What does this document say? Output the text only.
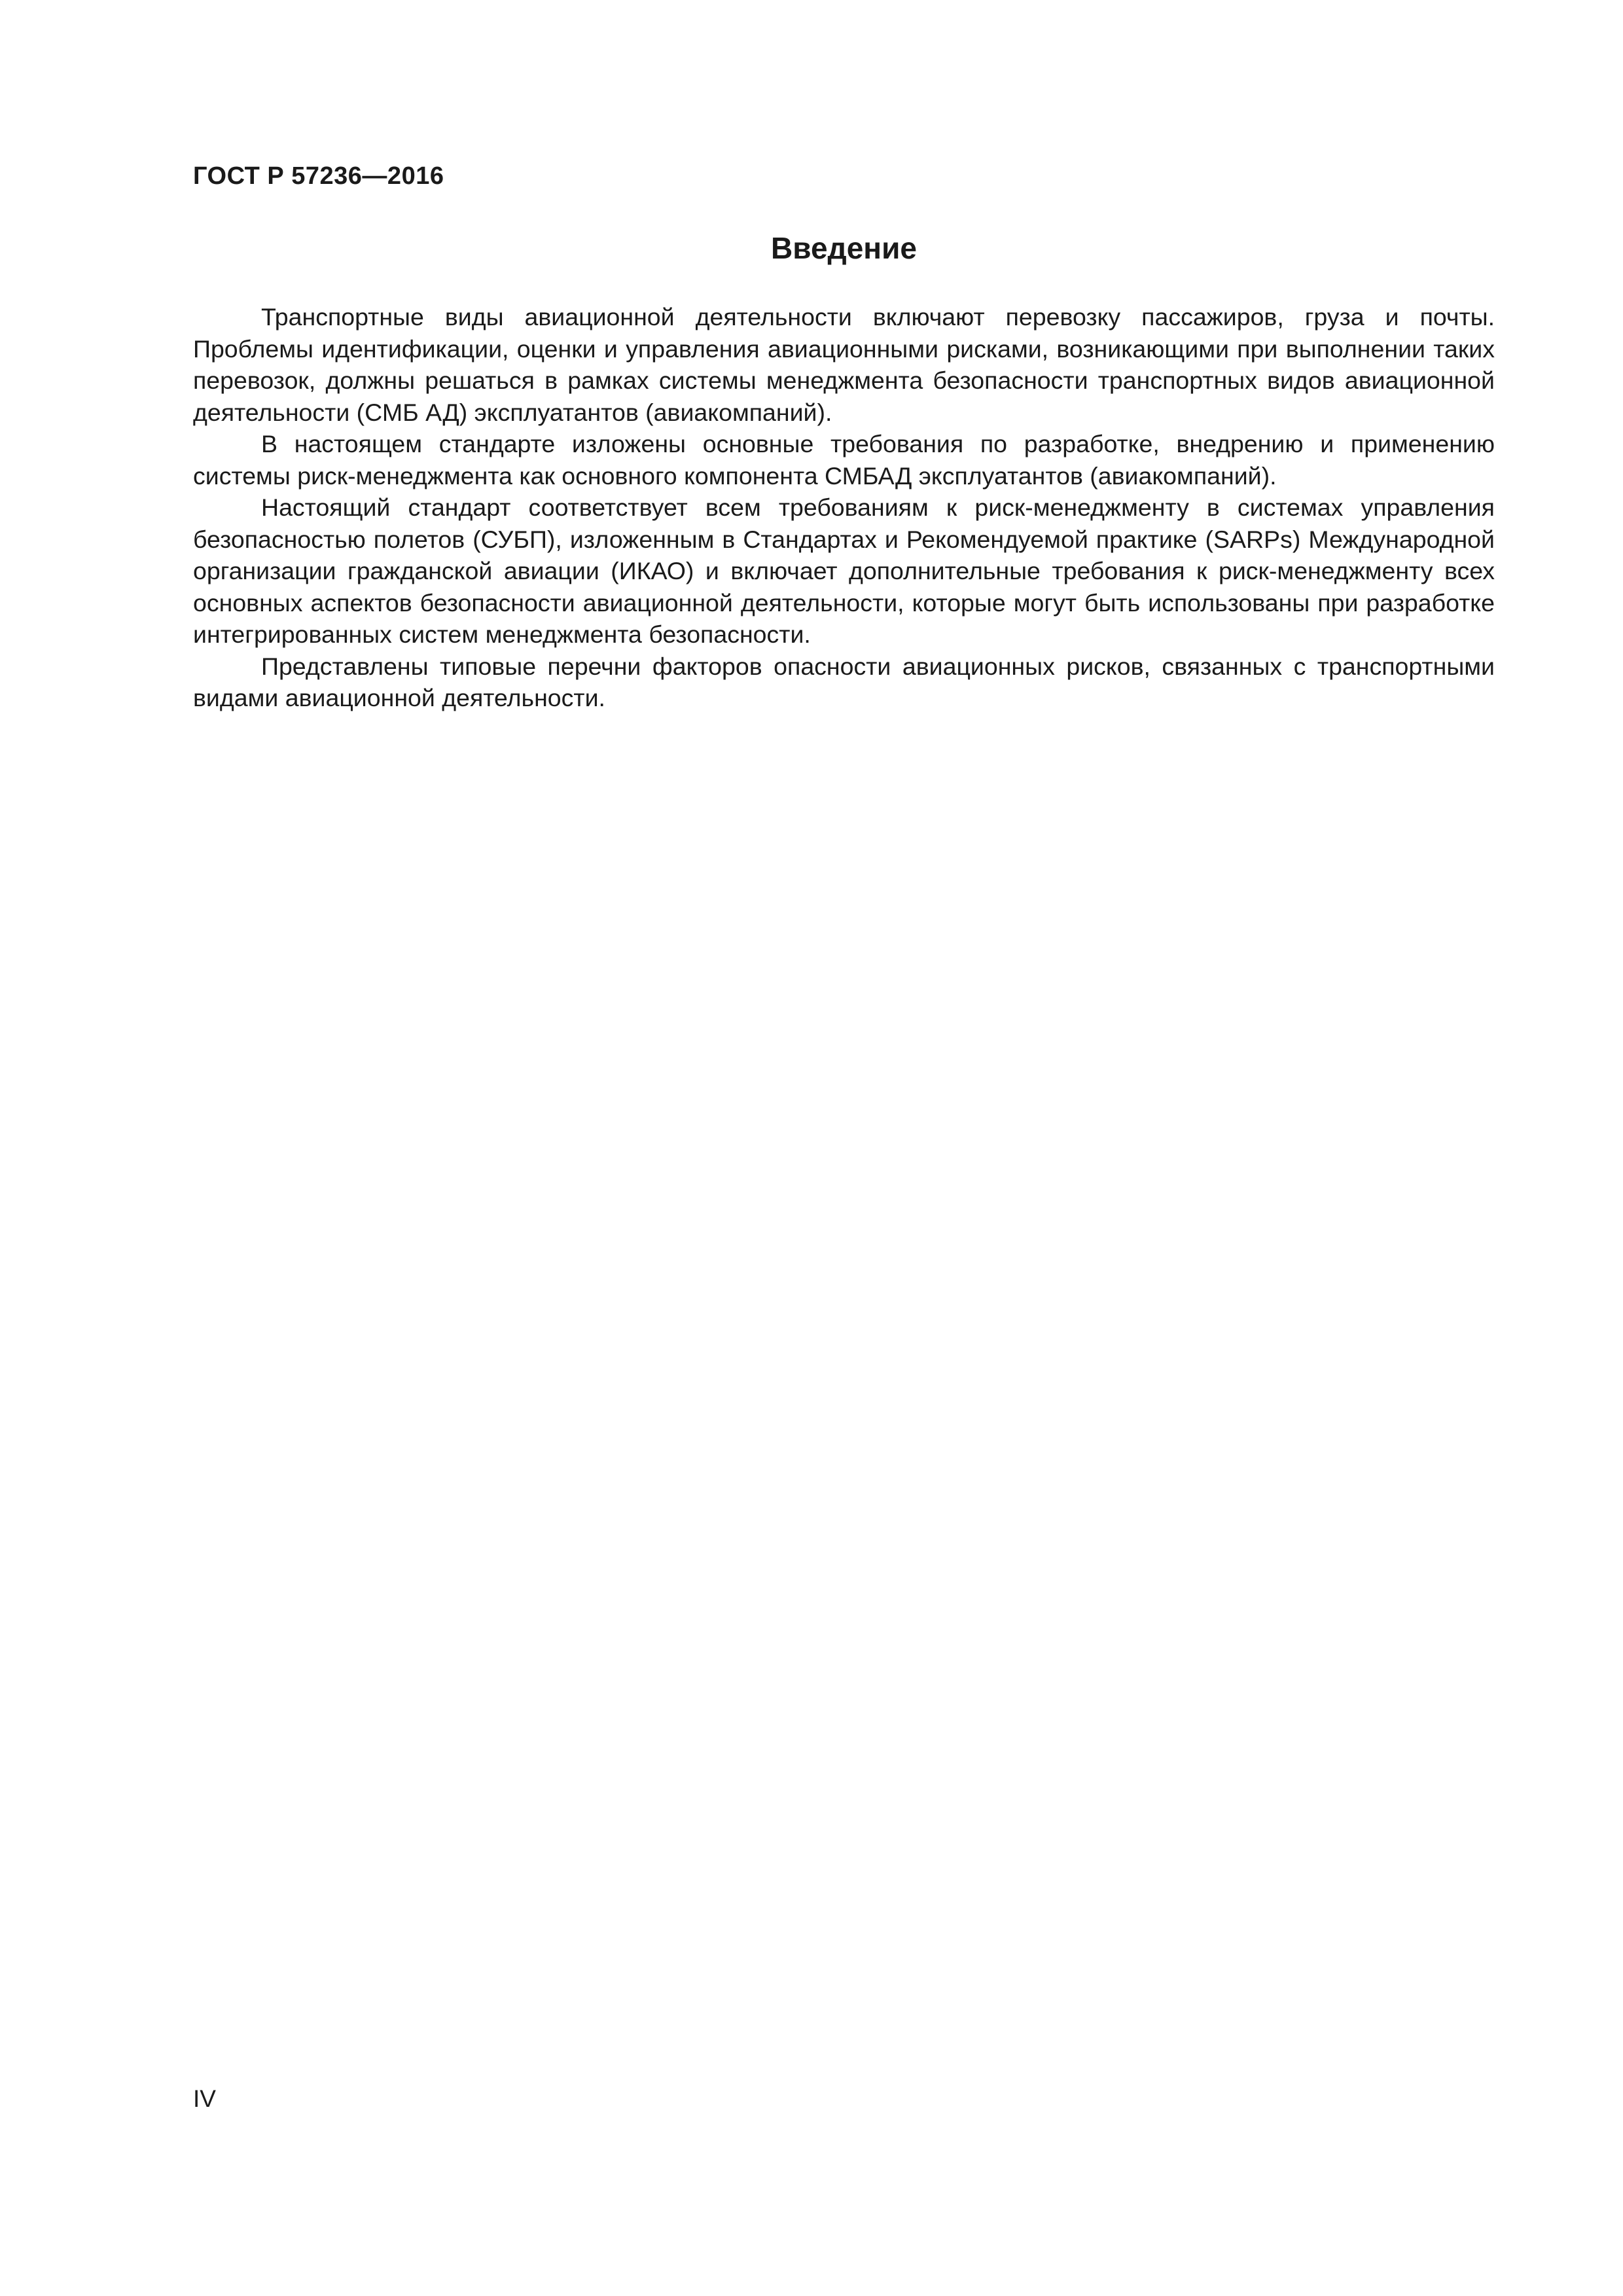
ГОСТ Р 57236—2016
Введение

Транспортные виды авиационной деятельности включают перевозку пассажиров, груза и почты. Проблемы идентификации, оценки и управления авиационными рисками, возникающими при выполнении таких перевозок, должны решаться в рамках системы менеджмента безопасности транспортных видов авиационной деятельности (СМБ АД) эксплуатантов (авиакомпаний).

В настоящем стандарте изложены основные требования по разработке, внедрению и применению системы риск-менеджмента как основного компонента СМБАД эксплуатантов (авиакомпаний).

Настоящий стандарт соответствует всем требованиям к риск-менеджменту в системах управления безопасностью полетов (СУБП), изложенным в Стандартах и Рекомендуемой практике (SARPs) Международной организации гражданской авиации (ИКАО) и включает дополнительные требования к риск-менеджменту всех основных аспектов безопасности авиационной деятельности, которые могут быть использованы при разработке интегрированных систем менеджмента безопасности.

Представлены типовые перечни факторов опасности авиационных рисков, связанных с транспортными видами авиационной деятельности.

IV
